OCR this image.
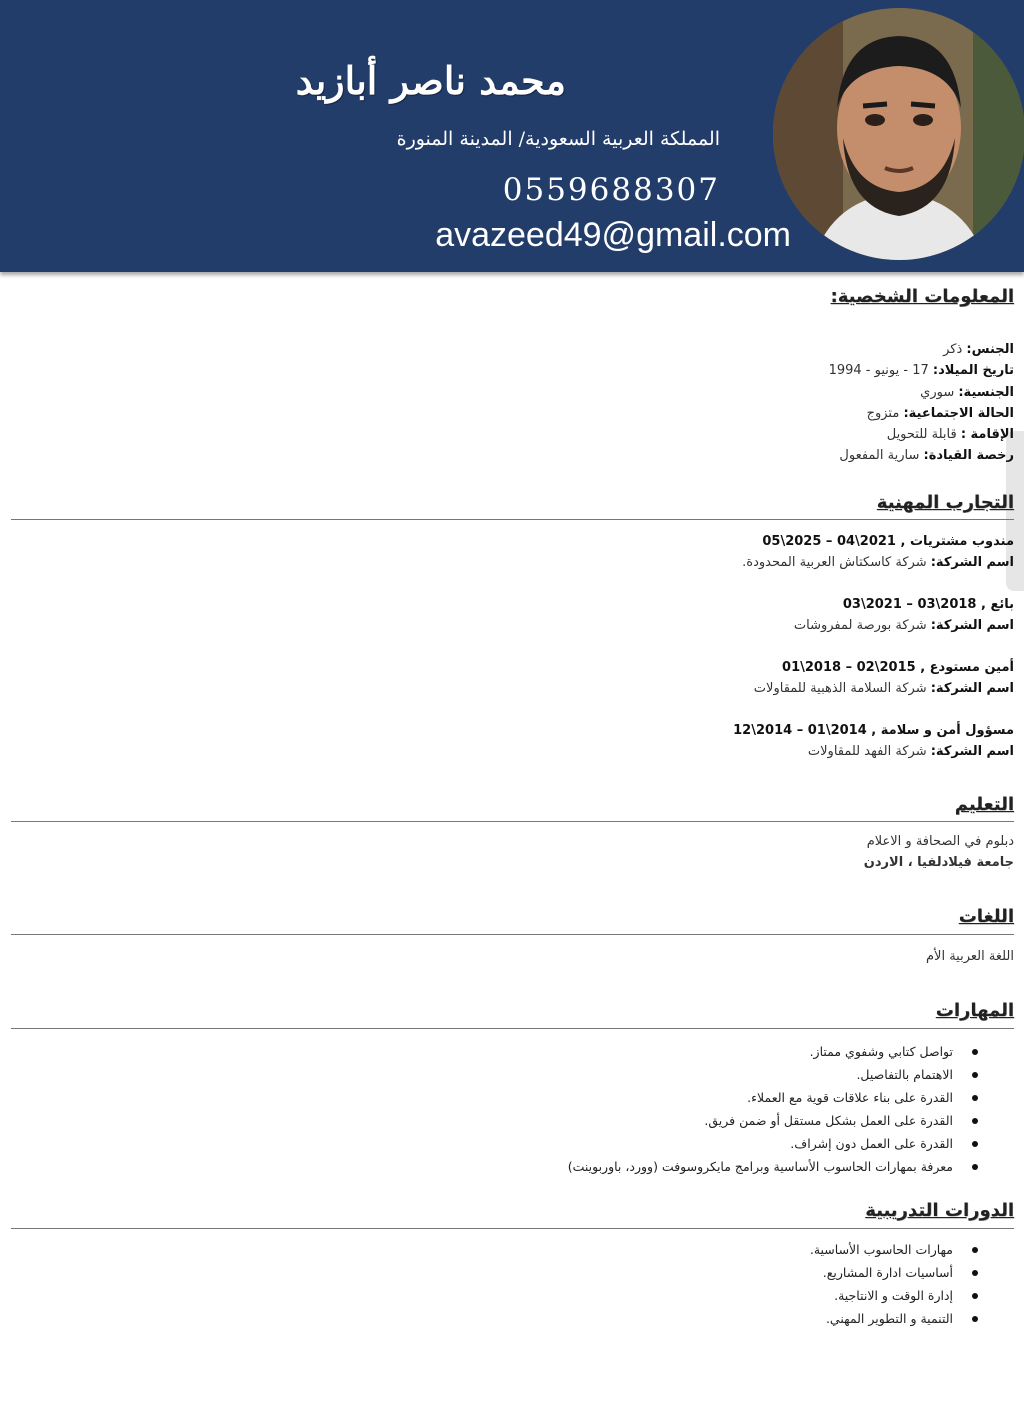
محمد ناصر أبازيد
المملكة العربية السعودية/ المدينة المنورة
0559688307
avazeed49@gmail.com
المعلومات الشخصية:
الجنس: ذكر
تاريخ الميلاد: 17 - يونيو - 1994
الجنسية: سوري
الحالة الاجتماعية: متزوج
الإقامة : قابلة للتحويل
رخصة القيادة: سارية المفعول
التجارب المهنية
مندوب مشتريات , 2021\04 – 2025\05
اسم الشركة: شركة كاسكتاش العربية المحدودة.
بائع , 2018\03 – 2021\03
اسم الشركة: شركة بورصة لمفروشات
أمين مستودع , 2015\02 – 2018\01
اسم الشركة: شركة السلامة الذهبية للمقاولات
مسؤول أمن و سلامة , 2014\01 – 2014\12
اسم الشركة: شركة الفهد للمقاولات
التعليم
دبلوم في الصحافة و الاعلام
جامعة فيلادلفيا ، الاردن
اللغات
اللغة العربية الأم
المهارات
تواصل كتابي وشفوي ممتاز.
الاهتمام بالتفاصيل.
القدرة على بناء علاقات قوية مع العملاء.
القدرة على العمل بشكل مستقل أو ضمن فريق.
القدرة على العمل دون إشراف.
معرفة بمهارات الحاسوب الأساسية وبرامج مايكروسوفت (وورد، باوربوينت)
الدورات التدريبية
مهارات الحاسوب الأساسية.
أساسيات ادارة المشاريع.
إدارة الوقت و الانتاجية.
التنمية و التطوير المهني.
